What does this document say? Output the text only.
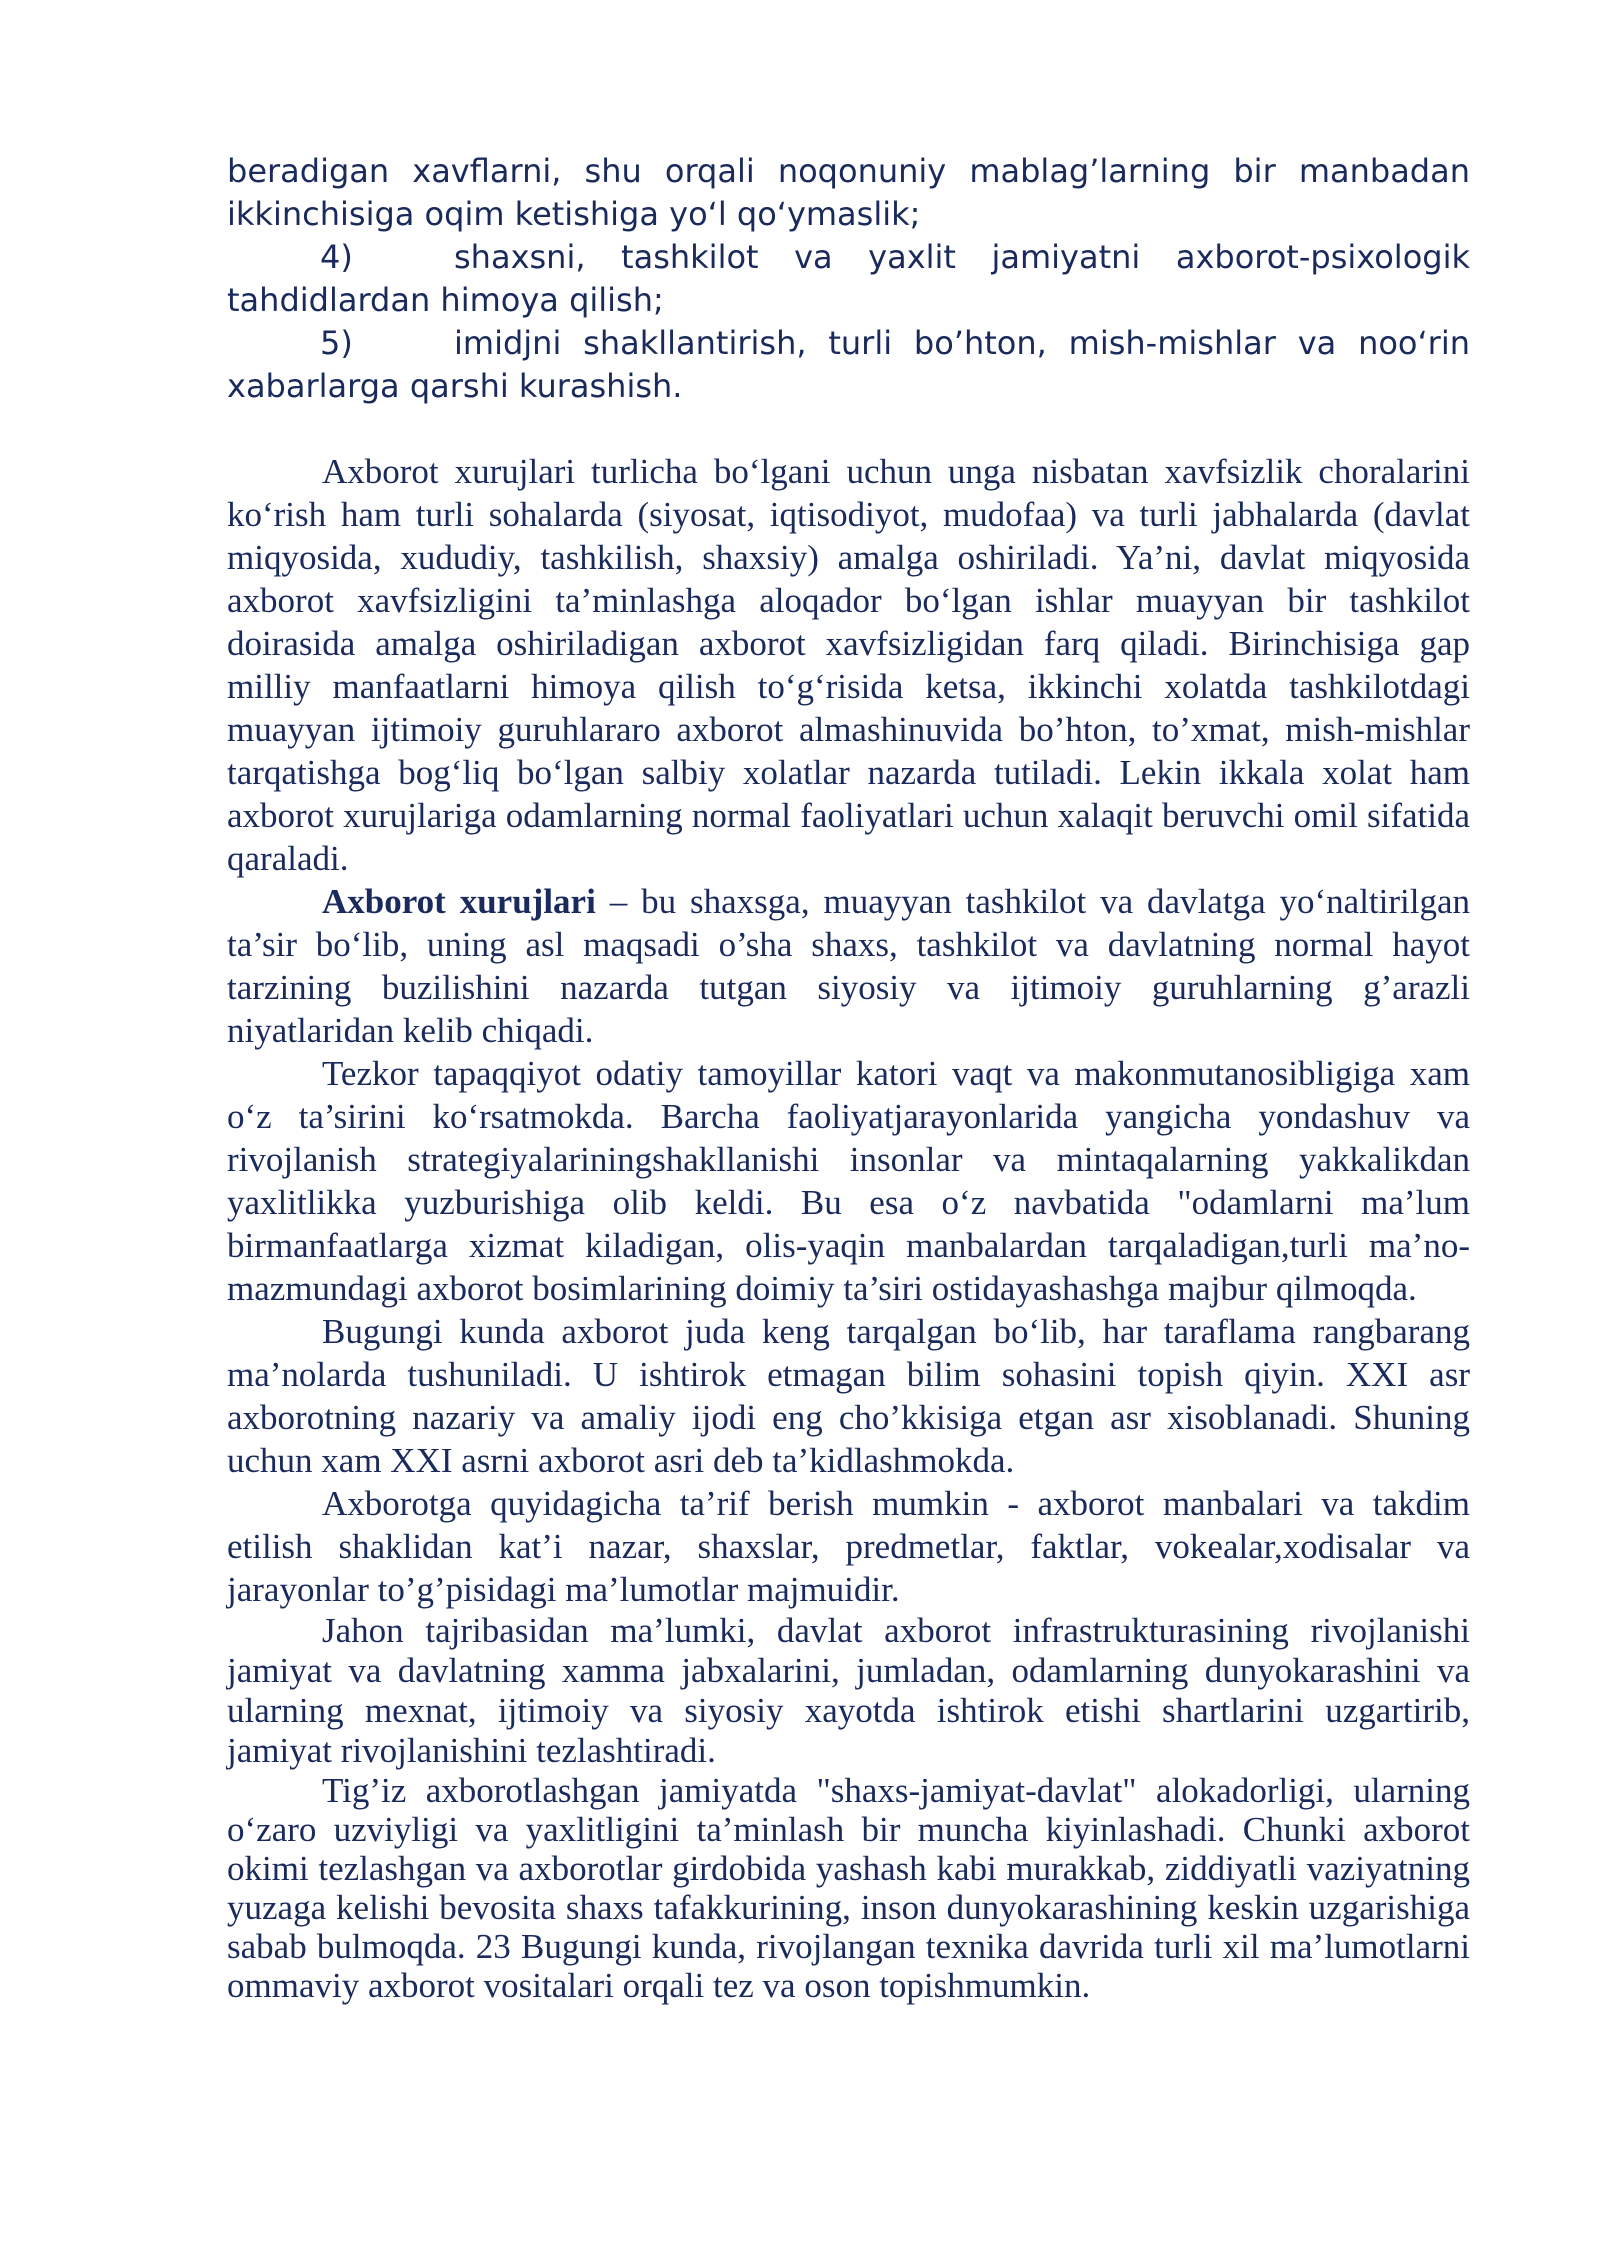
beradigan xavflarni, shu orqali noqonuniy mablag’larning bir manbadan ikkinchisiga oqim ketishiga yo‘l qo‘ymaslik;

4)	shaxsni, tashkilot va yaxlit jamiyatni axborot-psixologik tahdidlardan himoya qilish;

5)	imidjni shakllantirish, turli bo’hton, mish-mishlar va noo‘rin xabarlarga qarshi kurashish.

Axborot xurujlari turlicha bo‘lgani uchun unga nisbatan xavfsizlik choralarini ko‘rish ham turli sohalarda (siyosat, iqtisodiyot, mudofaa) va turli jabhalarda (davlat miqyosida, xududiy, tashkilish, shaxsiy) amalga oshiriladi. Ya’ni, davlat miqyosida axborot xavfsizligini ta’minlashga aloqador bo‘lgan ishlar muayyan bir tashkilot doirasida amalga oshiriladigan axborot xavfsizligidan farq qiladi. Birinchisiga gap milliy manfaatlarni himoya qilish to‘g‘risida ketsa, ikkinchi xolatda tashkilotdagi muayyan ijtimoiy guruhlararo axborot almashinuvida bo’hton, to’xmat, mish-mishlar tarqatishga bog‘liq bo‘lgan salbiy xolatlar nazarda tutiladi. Lekin ikkala xolat ham axborot xurujlariga odamlarning normal faoliyatlari uchun xalaqit beruvchi omil sifatida qaraladi.

Axborot xurujlari – bu shaxsga, muayyan tashkilot va davlatga yo‘naltirilgan ta’sir bo‘lib, uning asl maqsadi o’sha shaxs, tashkilot va davlatning normal hayot tarzining buzilishini nazarda tutgan siyosiy va ijtimoiy guruhlarning g’arazli niyatlaridan kelib chiqadi.

Tezkor tapaqqiyot odatiy tamoyillar katori vaqt va makonmutanosibligiga xam o‘z ta’sirini ko‘rsatmokda. Barcha faoliyatjarayonlarida yangicha yondashuv va rivojlanish strategiyalariningshakllanishi insonlar va mintaqalarning yakkalikdan yaxlitlikka yuzburishiga olib keldi. Bu esa o‘z navbatida "odamlarni ma’lum birmanfaatlarga xizmat kiladigan, olis-yaqin manbalardan tarqaladigan,turli ma’no-mazmundagi axborot bosimlarining doimiy ta’siri ostidayashashga majbur qilmoqda.

Bugungi kunda axborot juda keng tarqalgan bo‘lib, har taraflama rangbarang ma’nolarda tushuniladi. U ishtirok etmagan bilim sohasini topish qiyin. XXI asr axborotning nazariy va amaliy ijodi eng cho’kkisiga etgan asr xisoblanadi. Shuning uchun xam XXI asrni axborot asri deb ta’kidlashmokda.

Axborotga quyidagicha ta’rif berish mumkin - axborot manbalari va takdim etilish shaklidan kat’i nazar, shaxslar, predmetlar, faktlar, vokealar,xodisalar va jarayonlar to’g’pisidagi ma’lumotlar majmuidir.

Jahon tajribasidan ma’lumki, davlat axborot infrastrukturasining rivojlanishi jamiyat va davlatning xamma jabxalarini, jumladan, odamlarning dunyokarashini va ularning mexnat, ijtimoiy va siyosiy xayotda ishtirok etishi shartlarini uzgartirib, jamiyat rivojlanishini tezlashtiradi.

Tig’iz axborotlashgan jamiyatda "shaxs-jamiyat-davlat" alokadorligi, ularning o‘zaro uzviyligi va yaxlitligini ta’minlash bir muncha kiyinlashadi. Chunki axborot okimi tezlashgan va axborotlar girdobida yashash kabi murakkab, ziddiyatli vaziyatning yuzaga kelishi bevosita shaxs tafakkurining, inson dunyokarashining keskin uzgarishiga sabab bulmoqda. 23 Bugungi kunda, rivojlangan texnika davrida turli xil ma’lumotlarni ommaviy axborot vositalari orqali tez va oson topishmumkin.
